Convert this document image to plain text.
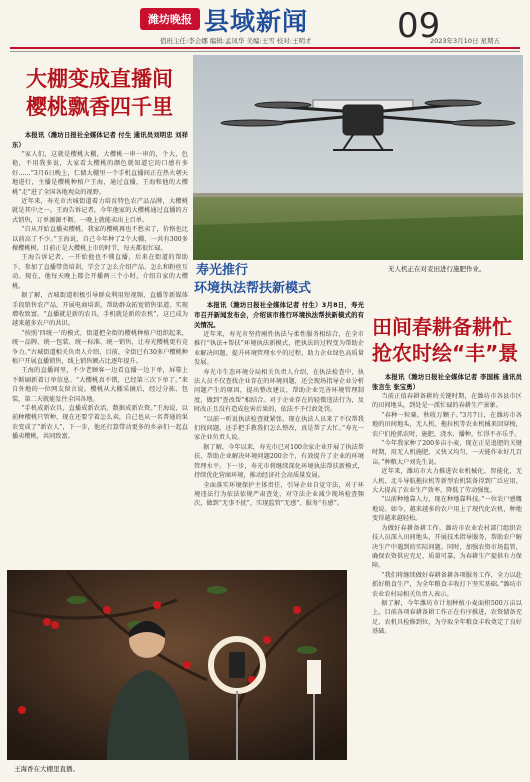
潍坊晚报 县域新闻	09
值班主任:李会娜 编辑:孟凤华 美编:王雪 校对:王明才	2023年3月10日 星期五
大棚变成直播间
樱桃飘香四千里
本报讯（潍坊日报社全媒体记者 付生 通讯员刘明忠 刘祥东）

“家人们，这就是樱桃大棚，大樱桃一串一串的，个大、色艳，不用我多说，大家看大樱桃的颜色就知道它的口感有多好……”3月6日晚上，仁储大棚里一个手机直播间正在热火朝天地进行，主播是樱桃种植户王海，通过直播，王海和他的大樱桃“走”进了全国各地观众的视野。

近年来，寿光市古城街道着力培育特色农产品品牌，大樱桃就是其中之一。王海告诉记者，今年他家的大樱桃通过直播的方式销售，订单源源不断，一晚上就能卖出上百单。

“自从开始直播卖樱桃，我家的樱桃再也不愁卖了，价格也比以前高了不少。”王海说，自己今年种了2个大棚，一共有300多棵樱桃树，目前正是大樱桃上市的时节，每天都很忙碌。

王海告诉记者，一开始他也不懂直播，后来在街道的帮助下，参加了直播带货培训，学会了怎么介绍产品、怎么和粉丝互动。现在，他每天晚上都会开播两三个小时，介绍自家的大樱桃。

据了解，古城街道积极引导群众利用短视频、直播等新媒体手段销售农产品，开展电商培训，帮助群众拓宽销售渠道，实现增收致富。“直播就是新的农具，手机就是新的农机”，这已成为越来越多农户的共识。

“按照‘四统一’的模式，街道把全街的樱桃种植户组织起来，统一品牌、统一包装、统一标准、统一销售，让寿光樱桃更有竞争力。”古城街道相关负责人介绍，目前，全街已有30多户樱桃种植户开展直播销售，线上销售额占比逐年提升。

王海的直播间里，不少老顾客一边看直播一边下单，屏幕上不断刷新着订单信息。“大樱桃真不错，已经第三次下单了。”来自外地的一位网友留言说。樱桃从大棚采摘后，经过分拣、包装，第二天就能发往全国各地。

“手机成新农具，直播成新农活，数据成新农资。”王海说，以前种樱桃只管种，现在还要学着怎么卖，自己也从一名普通的果农变成了“新农人”，下一步，他还打算带动更多的乡亲们一起直播卖樱桃，共同致富。

无人机正在对麦田进行施肥作业。
寿光推行
环境执法帮扶新模式
本报讯（潍坊日报社全媒体记者 付生）3月8日，寿光市召开新闻发布会，介绍该市推行环境执法帮扶新模式的有关情况。

近年来，寿光市坚持刚性执法与柔性服务相结合，在全市推行“执法+帮扶”环境执法新模式，把执法的过程变为帮助企业解决问题、提升环境管理水平的过程，助力企业绿色高质量发展。

寿光市生态环境分局相关负责人介绍，在执法检查中，执法人员不仅查找企业存在的环境问题，还会现场指导企业分析问题产生的原因，提出整改建议，帮助企业完善环境管理制度，做到“查改帮”相结合。对于企业存在的轻微违法行为，及时改正且没有造成危害后果的，依法不予行政处罚。

“以前一听说执法检查就紧张，现在执法人员来了不仅帮我们找问题，还手把手教我们怎么整改，真是帮了大忙。”寿光一家企业负责人说。

据了解，今年以来，寿光市已对100余家企业开展了执法帮扶，帮助企业解决环境问题200余个，有效提升了企业的环境管理水平。下一步，寿光市将继续深化环境执法帮扶新模式，持续优化营商环境，推动经济社会高质量发展。

全面落实环境保护主体责任，引导企业自觉守法，对于环境违法行为依法依规严肃查处，对守法企业减少现场检查频次，做到“无事不扰”，实现监管“无感”、服务“有感”。

田间春耕备耕忙
抢农时绘“丰”景
本报讯（潍坊日报社全媒体记者 李国栋 通讯员 张言生 张宝勇）

当前正值春耕备耕的关键时期，在潍坊市各县市区的田间地头，到处是一派忙碌的春耕生产景象。

“春种一粒粟，秋收万颗子。”3月7日，在潍坊市各地的田间地头，无人机、拖拉机等农业机械来回穿梭，农户们抢抓农时，施肥、浇水、播种，忙得不亦乐乎。

“今年我家种了200多亩小麦，现在正是追肥的关键时期，用无人机施肥，又快又均匀，一天能作业好几百亩。”种粮大户刘先生说。

近年来，潍坊市大力推进农业机械化、智能化，无人机、北斗导航拖拉机等新型农机装备得到广泛应用，大大提高了农业生产效率，降低了劳动强度。

“以前种地靠人力，现在种地靠科技。”一位农户感慨地说。如今，越来越多的农户用上了现代化农机，种地变得越来越轻松。

为做好春耕备耕工作，潍坊市农业农村部门组织农技人员深入田间地头，开展技术指导服务，帮助农户解决生产中遇到的实际问题。同时，加强农资市场监管，确保农资供应充足、质量可靠，为春耕生产提供有力保障。

“我们将继续做好春耕备耕各项服务工作，全力以赴抓好粮食生产，为全年粮食丰收打下坚实基础。”潍坊市农业农村局相关负责人表示。

据了解，今年潍坊市计划种植小麦面积500万亩以上，目前各项春耕备耕工作正在有序推进，农资储备充足，农机具检修到位，为夺取全年粮食丰收奠定了良好基础。

王海香在大棚里直播。
